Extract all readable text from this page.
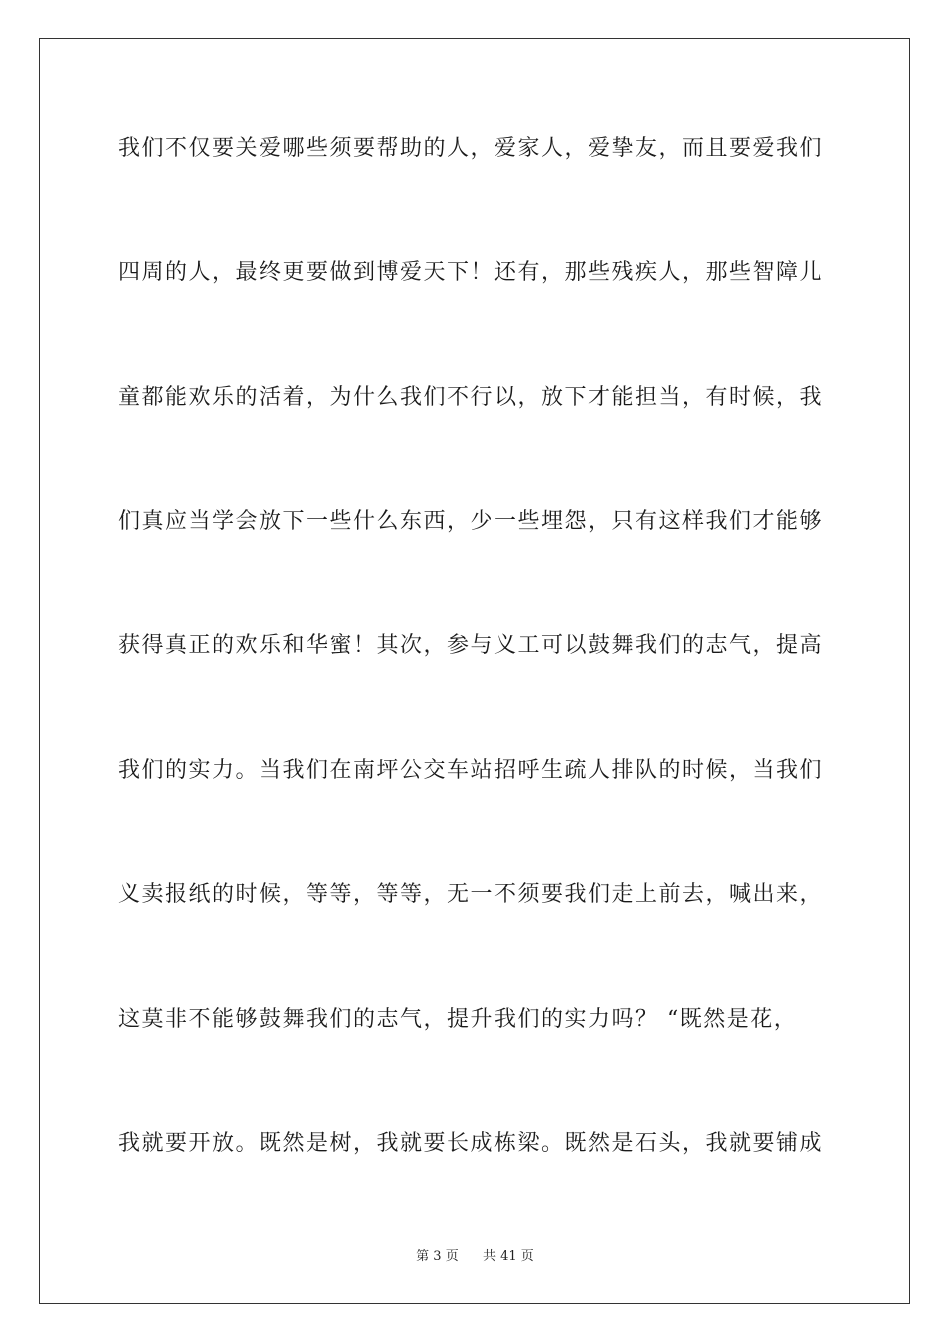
我们不仅要关爱哪些须要帮助的人，爱家人，爱挚友，而且要爱我们
四周的人，最终更要做到博爱天下！还有，那些残疾人，那些智障儿
童都能欢乐的活着，为什么我们不行以，放下才能担当，有时候，我
们真应当学会放下一些什么东西，少一些埋怨，只有这样我们才能够
获得真正的欢乐和华蜜！其次，参与义工可以鼓舞我们的志气，提高
我们的实力。当我们在南坪公交车站招呼生疏人排队的时候，当我们
义卖报纸的时候，等等，等等，无一不须要我们走上前去，喊出来，
这莫非不能够鼓舞我们的志气，提升我们的实力吗？ “既然是花，
我就要开放。既然是树，我就要长成栋梁。既然是石头，我就要铺成
第 3 页 共 41 页
